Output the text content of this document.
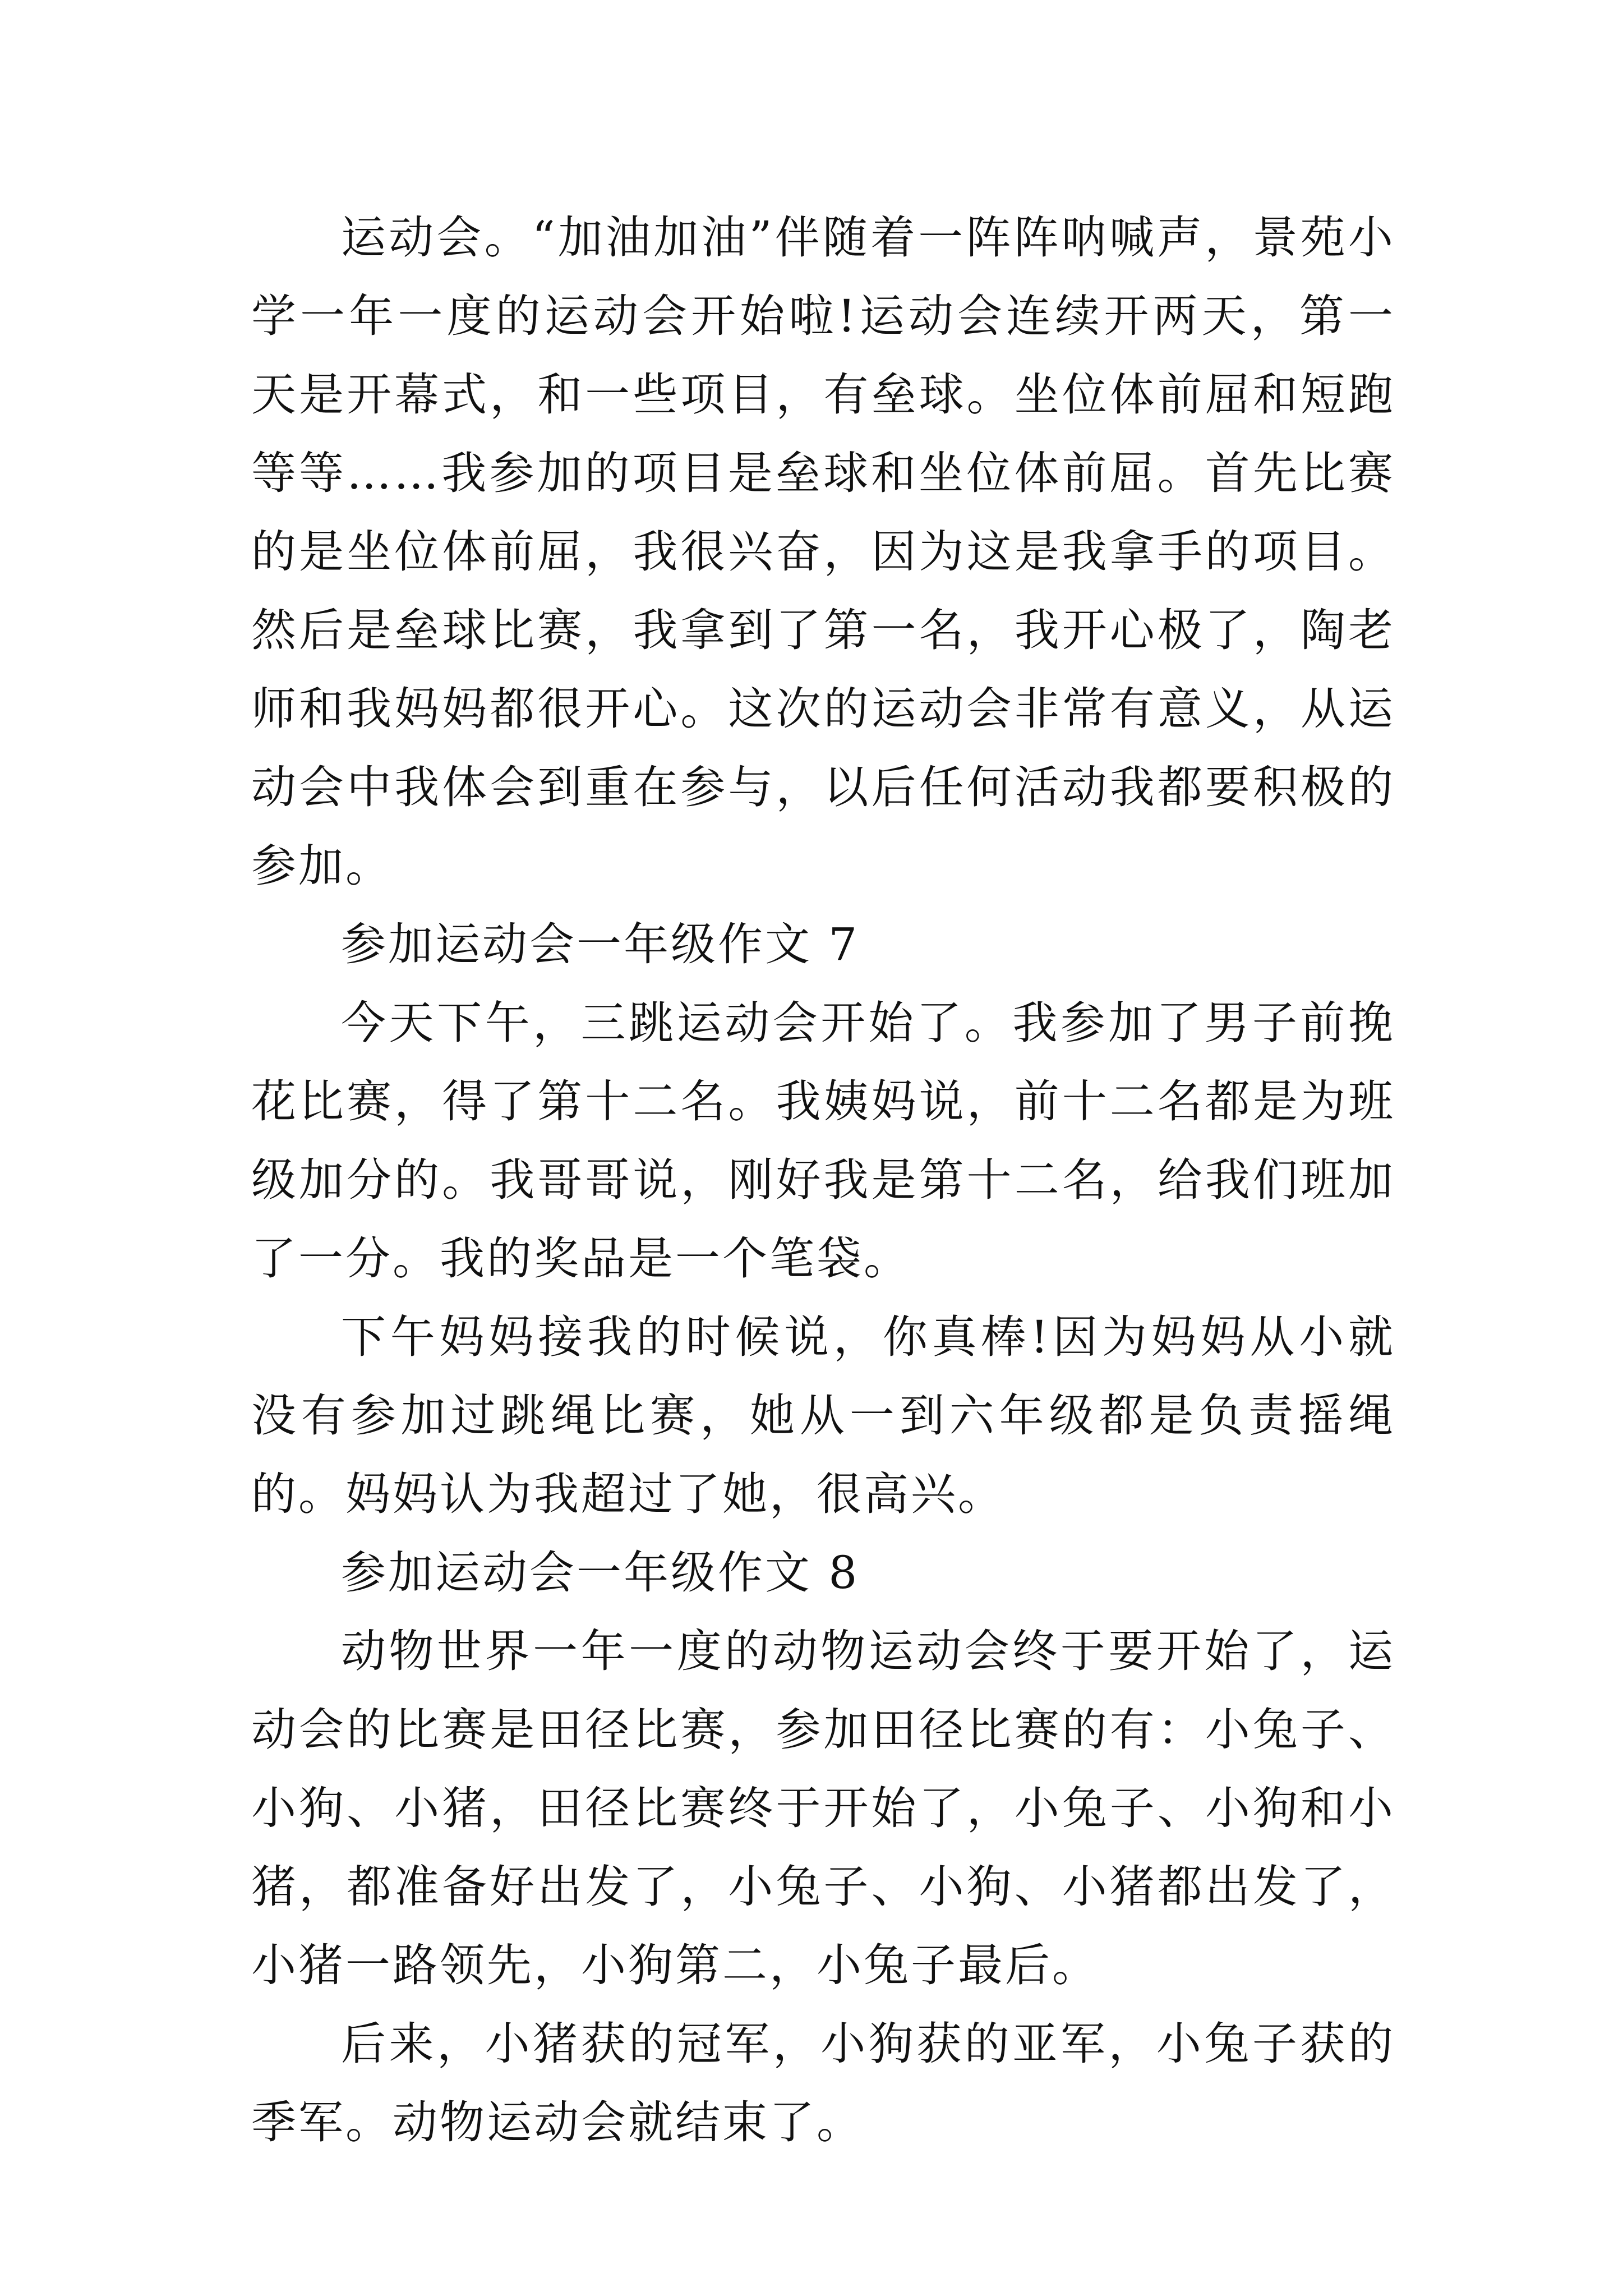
运动会。“加油加油”伴随着一阵阵呐喊声，景苑小学一年一度的运动会开始啦!运动会连续开两天，第一天是开幕式，和一些项目，有垒球。坐位体前屈和短跑等等……我参加的项目是垒球和坐位体前屈。首先比赛的是坐位体前屈，我很兴奋，因为这是我拿手的项目。然后是垒球比赛，我拿到了第一名，我开心极了，陶老师和我妈妈都很开心。这次的运动会非常有意义，从运动会中我体会到重在参与，以后任何活动我都要积极的参加。

参加运动会一年级作文 7

今天下午，三跳运动会开始了。我参加了男子前挽花比赛，得了第十二名。我姨妈说，前十二名都是为班级加分的。我哥哥说，刚好我是第十二名，给我们班加了一分。我的奖品是一个笔袋。

下午妈妈接我的时候说，你真棒!因为妈妈从小就没有参加过跳绳比赛，她从一到六年级都是负责摇绳的。妈妈认为我超过了她，很高兴。

参加运动会一年级作文 8

动物世界一年一度的动物运动会终于要开始了，运动会的比赛是田径比赛，参加田径比赛的有：小兔子、小狗、小猪，田径比赛终于开始了，小兔子、小狗和小猪，都准备好出发了，小兔子、小狗、小猪都出发了，小猪一路领先，小狗第二，小兔子最后。

后来，小猪获的冠军，小狗获的亚军，小兔子获的季军。动物运动会就结束了。
